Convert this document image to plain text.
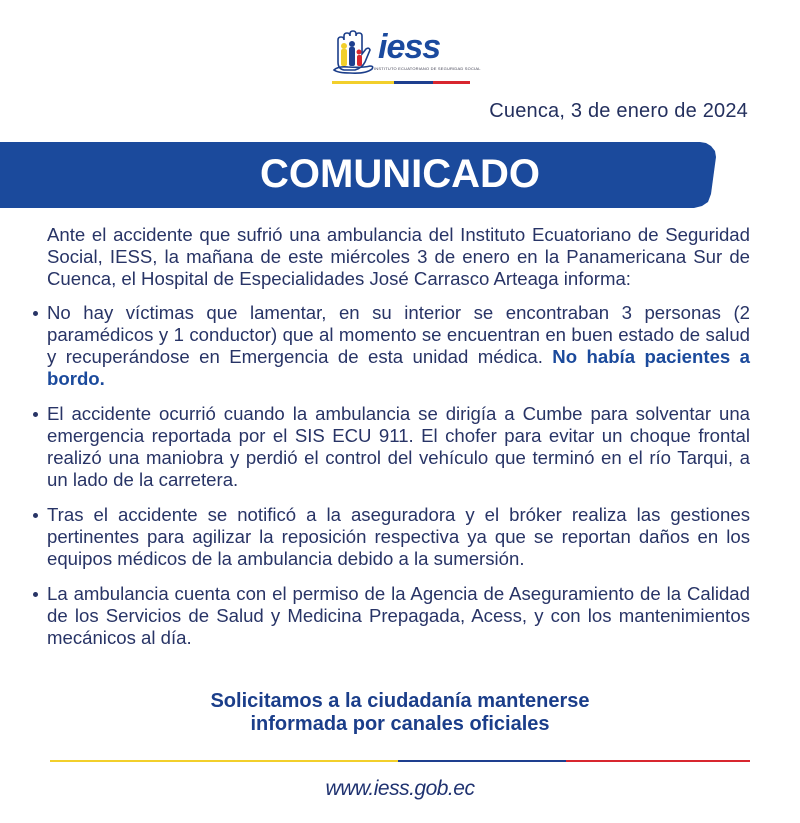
iess
INSTITUTO ECUATORIANO DE SEGURIDAD SOCIAL
Cuenca, 3 de enero de 2024
COMUNICADO

Ante el accidente que sufrió una ambulancia del Instituto Ecuatoriano de Seguridad Social, IESS, la mañana de este miércoles 3 de enero en la Panamericana Sur de Cuenca, el Hospital de Especialidades José Carrasco Arteaga informa:

No hay víctimas que lamentar, en su interior se encontraban 3 personas (2 paramédicos y 1 conductor) que al momento se encuentran en buen estado de salud y recuperándose en Emergencia de esta unidad médica. No había pacientes a bordo.

El accidente ocurrió cuando la ambulancia se dirigía a Cumbe para solventar una emergencia reportada por el SIS ECU 911. El chofer para evitar un choque frontal realizó una maniobra y perdió el control del vehículo que terminó en el río Tarqui, a un lado de la carretera.

Tras el accidente se notificó a la aseguradora y el bróker realiza las gestiones pertinentes para agilizar la reposición respectiva ya que se reportan daños en los equipos médicos de la ambulancia debido a la sumersión.

La ambulancia cuenta con el permiso de la Agencia de Aseguramiento de la Calidad de los Servicios de Salud y Medicina Prepagada, Acess, y con los mantenimientos mecánicos al día.

Solicitamos a la ciudadanía mantenerse
informada por canales oficiales
www.iess.gob.ec
